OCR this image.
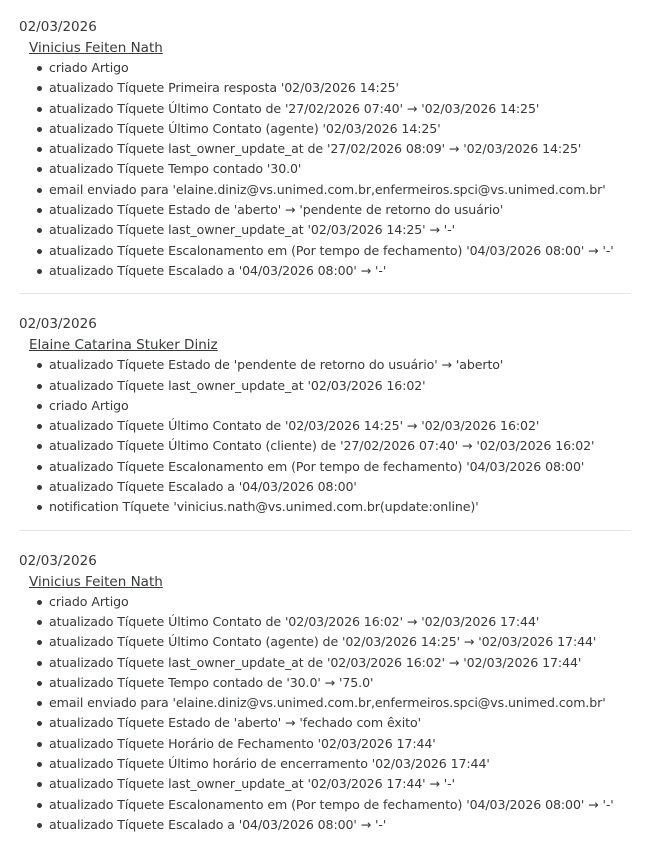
02/03/2026
Vinicius Feiten Nath
criado Artigo
atualizado Tíquete Primeira resposta '02/03/2026 14:25'
atualizado Tíquete Último Contato de '27/02/2026 07:40' → '02/03/2026 14:25'
atualizado Tíquete Último Contato (agente) '02/03/2026 14:25'
atualizado Tíquete last_owner_update_at de '27/02/2026 08:09' → '02/03/2026 14:25'
atualizado Tíquete Tempo contado '30.0'
email enviado para 'elaine.diniz@vs.unimed.com.br,enfermeiros.spci@vs.unimed.com.br'
atualizado Tíquete Estado de 'aberto' → 'pendente de retorno do usuário'
atualizado Tíquete last_owner_update_at '02/03/2026 14:25' → '-'
atualizado Tíquete Escalonamento em (Por tempo de fechamento) '04/03/2026 08:00' → '-'
atualizado Tíquete Escalado a '04/03/2026 08:00' → '-'
02/03/2026
Elaine Catarina Stuker Diniz
atualizado Tíquete Estado de 'pendente de retorno do usuário' → 'aberto'
atualizado Tíquete last_owner_update_at '02/03/2026 16:02'
criado Artigo
atualizado Tíquete Último Contato de '02/03/2026 14:25' → '02/03/2026 16:02'
atualizado Tíquete Último Contato (cliente) de '27/02/2026 07:40' → '02/03/2026 16:02'
atualizado Tíquete Escalonamento em (Por tempo de fechamento) '04/03/2026 08:00'
atualizado Tíquete Escalado a '04/03/2026 08:00'
notification Tíquete 'vinicius.nath@vs.unimed.com.br(update:online)'
02/03/2026
Vinicius Feiten Nath
criado Artigo
atualizado Tíquete Último Contato de '02/03/2026 16:02' → '02/03/2026 17:44'
atualizado Tíquete Último Contato (agente) de '02/03/2026 14:25' → '02/03/2026 17:44'
atualizado Tíquete last_owner_update_at de '02/03/2026 16:02' → '02/03/2026 17:44'
atualizado Tíquete Tempo contado de '30.0' → '75.0'
email enviado para 'elaine.diniz@vs.unimed.com.br,enfermeiros.spci@vs.unimed.com.br'
atualizado Tíquete Estado de 'aberto' → 'fechado com êxito'
atualizado Tíquete Horário de Fechamento '02/03/2026 17:44'
atualizado Tíquete Último horário de encerramento '02/03/2026 17:44'
atualizado Tíquete last_owner_update_at '02/03/2026 17:44' → '-'
atualizado Tíquete Escalonamento em (Por tempo de fechamento) '04/03/2026 08:00' → '-'
atualizado Tíquete Escalado a '04/03/2026 08:00' → '-'
